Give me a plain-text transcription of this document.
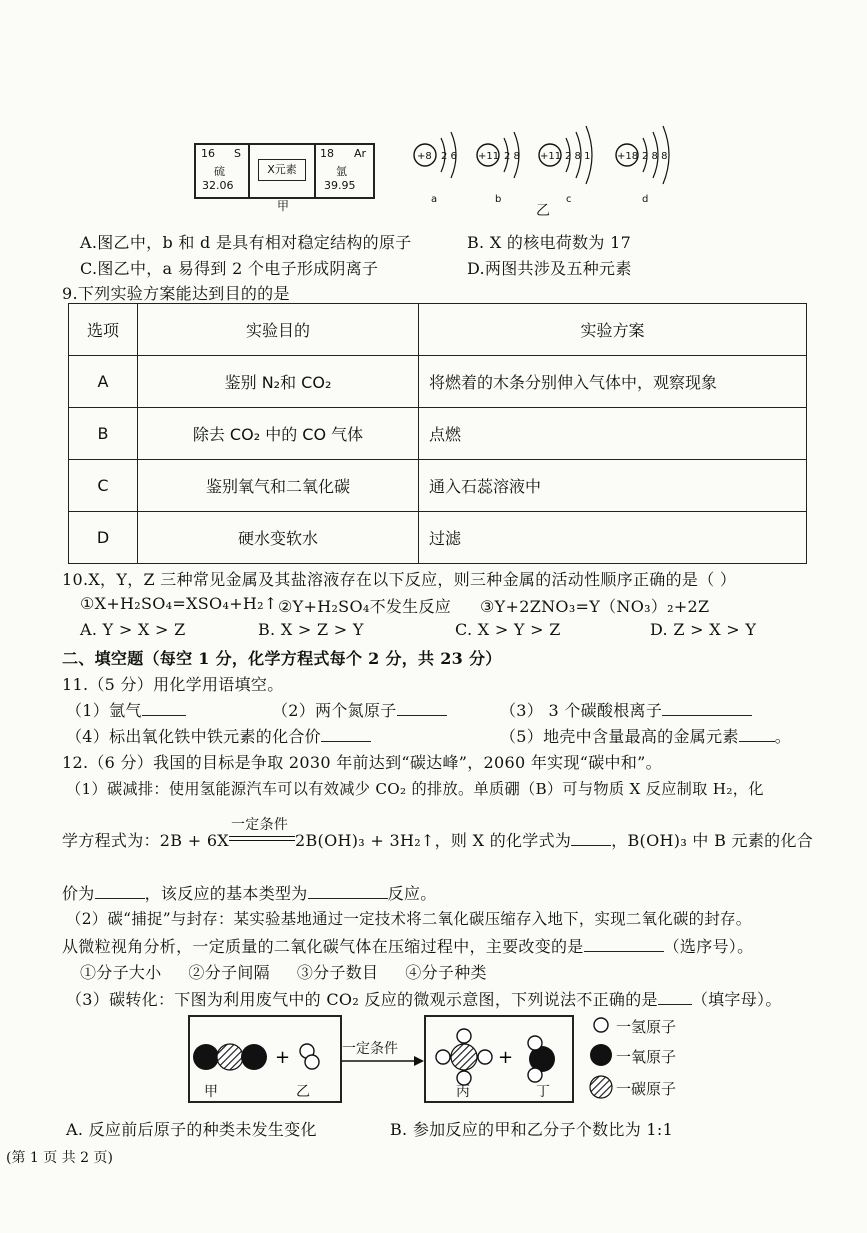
16 S
硫
32.06
X元素
18 Ar
氩
39.95
甲
+8 2 6
a
+11 2 8
b
+11 2 8 1
c
+18 2 8 8
d
乙
A.图乙中，b 和 d 是具有相对稳定结构的原子	B. X 的核电荷数为 17
C.图乙中，a 易得到 2 个电子形成阴离子	D.两图共涉及五种元素
9.下列实验方案能达到目的的是
选项	实验目的	实验方案
A	鉴别 N₂和 CO₂	将燃着的木条分别伸入气体中，观察现象
B	除去 CO₂ 中的 CO 气体	点燃
C	鉴别氧气和二氧化碳	通入石蕊溶液中
D	硬水变软水	过滤
10.X，Y，Z 三种常见金属及其盐溶液存在以下反应，则三种金属的活动性顺序正确的是（ ）
①X+H₂SO₄=XSO₄+H₂↑ ②Y+H₂SO₄不发生反应 ③Y+2ZNO₃=Y（NO₃）₂+2Z
A. Y > X > Z	B. X > Z > Y	C. X > Y > Z	D. Z > X > Y
二、填空题（每空 1 分，化学方程式每个 2 分，共 23 分）
11.（5 分）用化学用语填空。
（1）氩气	（2）两个氮原子	（3） 3 个碳酸根离子
（4）标出氧化铁中铁元素的化合价	（5）地壳中含量最高的金属元素 。
12.（6 分）我国的目标是争取 2030 年前达到“碳达峰”，2060 年实现“碳中和”。
（1）碳减排：使用氢能源汽车可以有效减少 CO₂ 的排放。单质硼（B）可与物质 X 反应制取 H₂，化
学方程式为：2B + 6X
一定条件
2B(OH)₃ + 3H₂↑，则 X 的化学式为	，B(OH)₃ 中 B 元素的化合
价为	，该反应的基本类型为	反应。
（2）碳“捕捉”与封存：某实验基地通过一定技术将二氧化碳压缩存入地下，实现二氧化碳的封存。
从微粒视角分析，一定质量的二氧化碳气体在压缩过程中，主要改变的是	（选序号）。
①分子大小     ②分子间隔     ③分子数目     ④分子种类
（3）碳转化：下图为利用废气中的 CO₂ 反应的微观示意图，下列说法不正确的是 （填字母）。
+
甲	乙
一定条件	+
丙	丁
一氢原子
一氧原子
一碳原子
A. 反应前后原子的种类未发生变化	B. 参加反应的甲和乙分子个数比为 1:1
(第 1 页 共 2 页)
